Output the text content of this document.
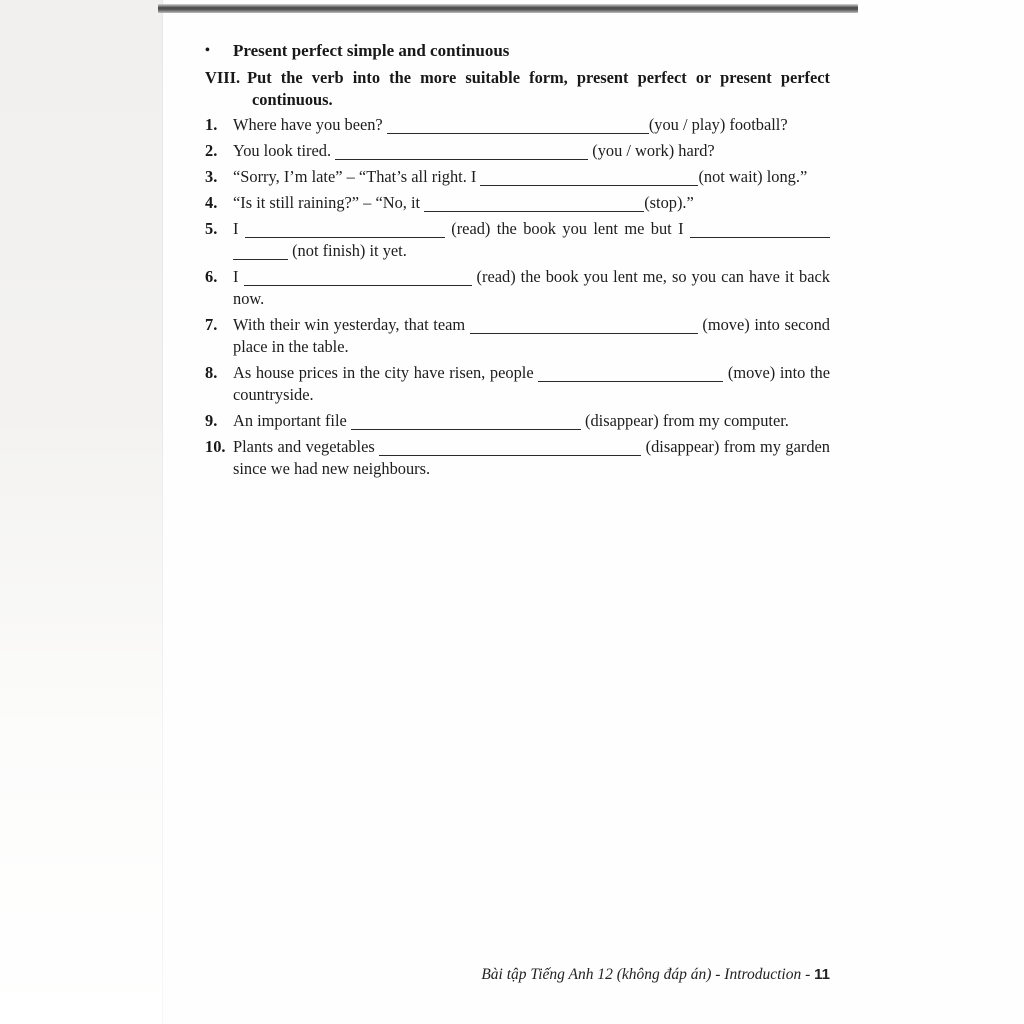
•	Present perfect simple and continuous
VIII. Put the verb into the more suitable form, present perfect or present perfect continuous.
1. Where have you been?	(you / play) football?
2. You look tired.	(you / work) hard?
3. “Sorry, I’m late” – “That’s all right. I	(not wait) long.”
4. “Is it still raining?” – “No, it	(stop).”
5. I	(read) the book you lent me but I   (not finish) it yet.
6. I	(read) the book you lent me, so you can have it back now.
7. With their win yesterday, that team	(move) into second place in the table.
8. As house prices in the city have risen, people	(move) into the countryside.
9. An important file	(disappear) from my computer.
10. Plants and vegetables	(disappear) from my garden since we had new neighbours.
Bài tập Tiếng Anh 12 (không đáp án) - Introduction - 11
